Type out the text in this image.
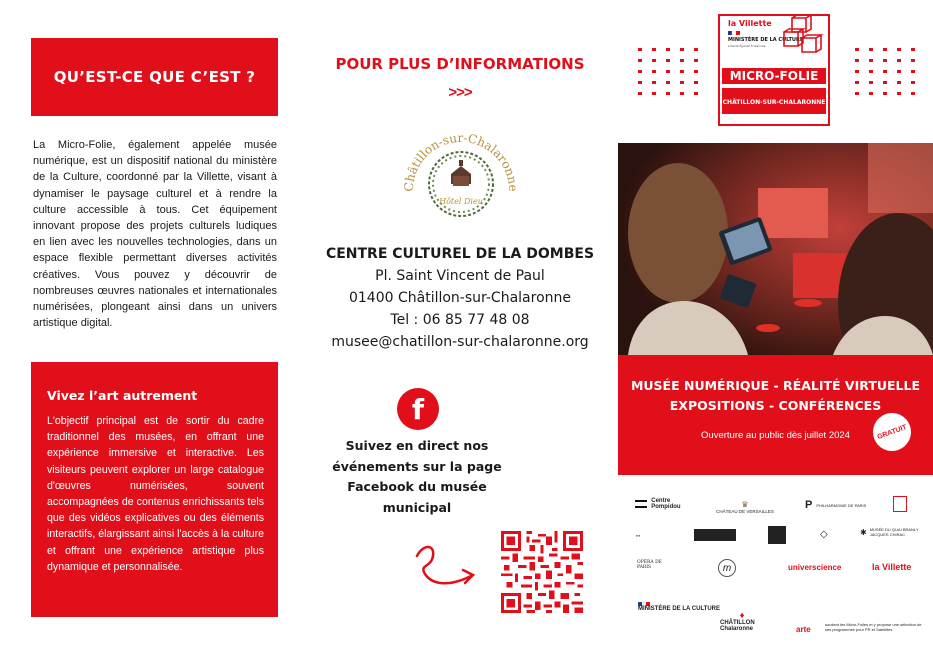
QU’EST-CE QUE C’EST ?

La Micro-Folie, également appelée musée numérique, est un dispositif national du ministère de la Culture, coordonné par la Villette, visant à dynamiser le paysage culturel et à rendre la culture accessible à tous. Cet équipement innovant propose des projets culturels ludiques en lien avec les nouvelles technologies, dans un espace flexible permettant diverses activités créatives. Vous pouvez y découvrir de nombreuses œuvres nationales et internationales numérisées, plongeant ainsi dans un univers artistique digital.

Vivez l’art autrement

L'objectif principal est de sortir du cadre traditionnel des musées, en offrant une expérience immersive et interactive. Les visiteurs peuvent explorer un large catalogue d'œuvres numérisées, souvent accompagnées de contenus enrichissants tels que des vidéos explicatives ou des éléments interactifs, élargissant ainsi l'accès à la culture et offrant une expérience artistique plus dynamique et personnalisée.

POUR PLUS D’INFORMATIONS
>>>
Châtillon-sur-Chalaronne
Hôtel Dieu
CENTRE CULTUREL DE LA DOMBES
Pl. Saint Vincent de Paul
01400 Châtillon-sur-Chalaronne
Tel : 06 85 77 48 08
musee@chatillon-sur-chalaronne.org
f
Suivez en direct nos événements sur la page Facebook du musée municipal
la Villette
MINISTÈRE DE LA CULTURE
Liberté Égalité Fraternité
MICRO-FOLIE
CHÂTILLON-SUR-CHALARONNE
MUSÉE NUMÉRIQUE - RÉALITÉ VIRTUELLE
EXPOSITIONS - CONFÉRENCES
Ouverture au public dès juillet 2024	GRATUIT
Centre Pompidou	♛
CHÂTEAU DE VERSAILLES
P PHILHARMONIE DE PARIS
▪▪▪	◇	✱ MUSÉE DU QUAI BRANLY JACQUES CHIRAC
OPÉRA DE PARIS	m	universcience	la Villette
MINISTÈRE DE LA CULTURE
♦
CHÂTILLON Chalaronne	arte
soutient les Micro-Folies et y propose une sélection de ses programmes pour PR et Satellites
